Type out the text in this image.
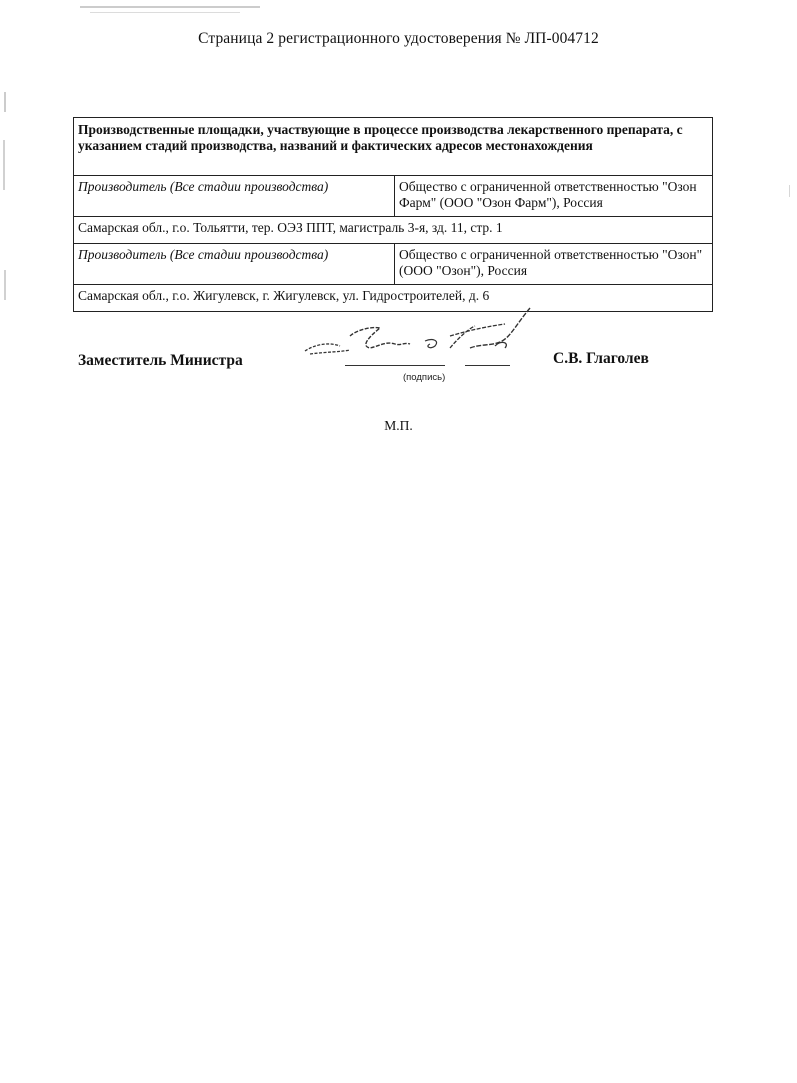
Страница 2 регистрационного удостоверения № ЛП-004712
Производственные площадки, участвующие в процессе производства лекарственного препарата, с указанием стадий производства, названий и фактических адресов местонахождения	
Производитель (Все стадии производства)	Общество с ограниченной ответственностью "Озон Фарм" (ООО "Озон Фарм"), Россия
Самарская обл., г.о. Тольятти, тер. ОЭЗ ППТ, магистраль 3-я, зд. 11, стр. 1	
Производитель (Все стадии производства)	Общество с ограниченной ответственностью "Озон" (ООО "Озон"), Россия
Самарская обл., г.о. Жигулевск, г. Жигулевск, ул. Гидростроителей, д. 6	
Заместитель Министра
(подпись)
С.В. Глаголев
М.П.
